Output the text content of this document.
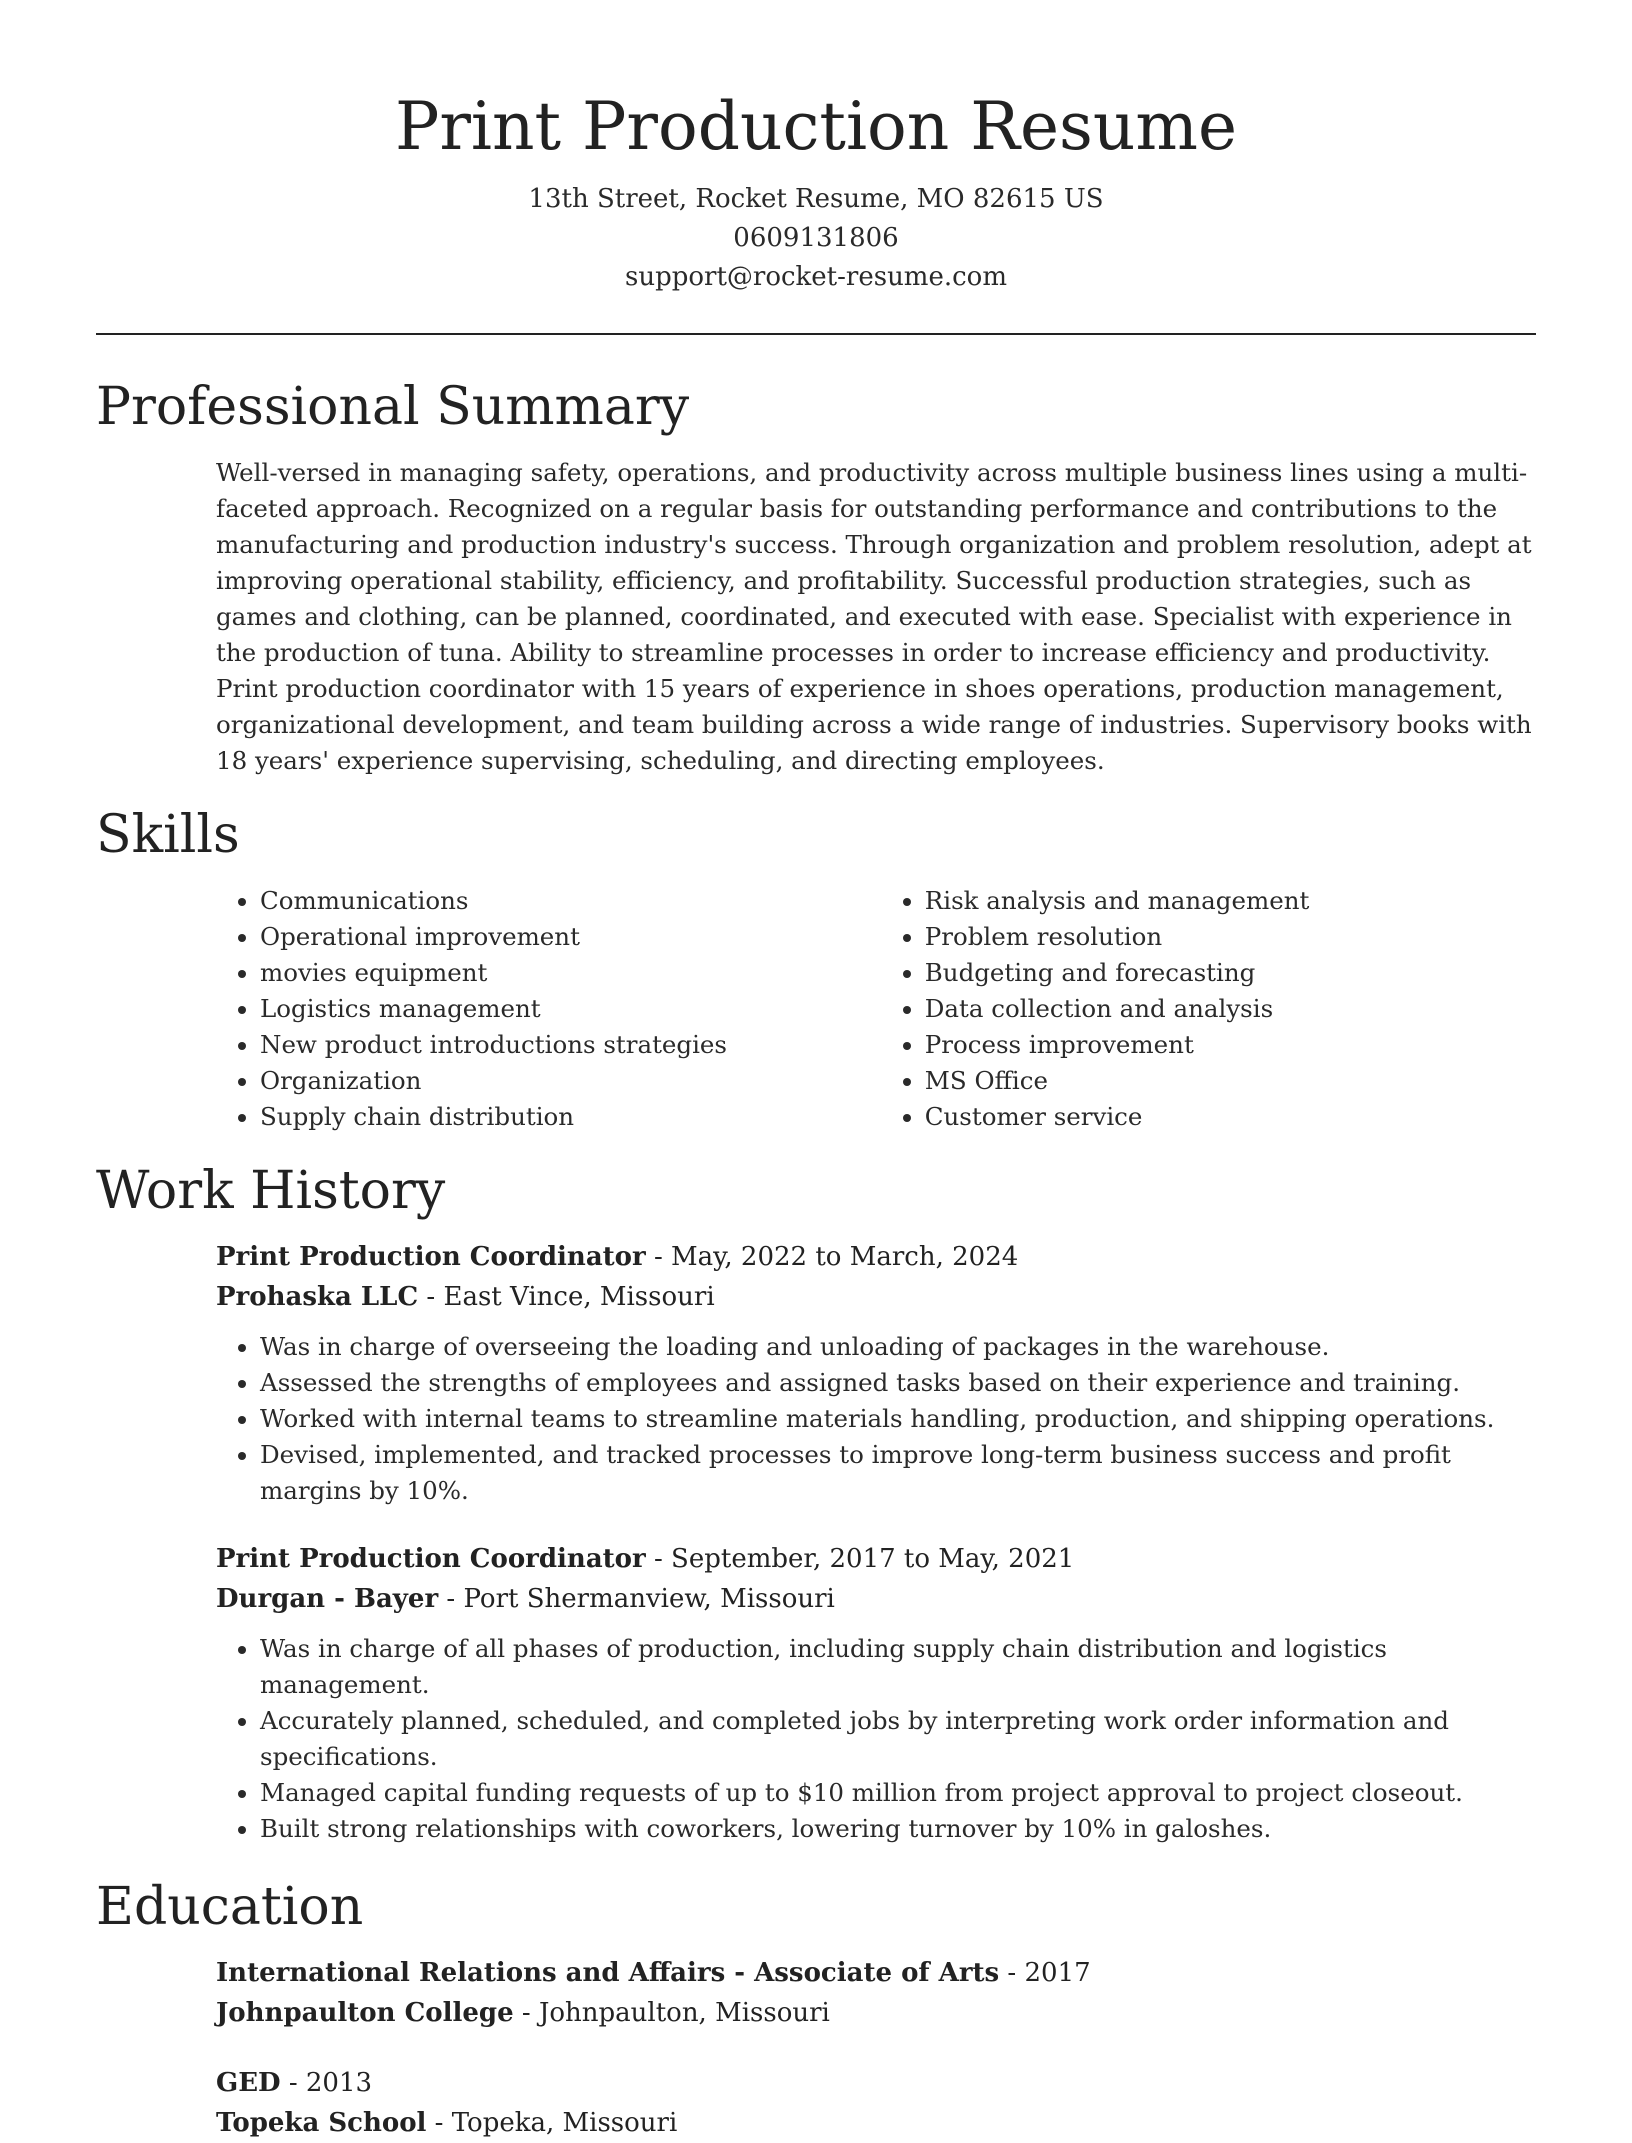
Print Production Resume
13th Street, Rocket Resume, MO 82615 US
0609131806
support@rocket-resume.com
Professional Summary
Well-versed in managing safety, operations, and productivity across multiple business lines using a multi-faceted approach. Recognized on a regular basis for outstanding performance and contributions to the manufacturing and production industry's success. Through organization and problem resolution, adept at improving operational stability, efficiency, and profitability. Successful production strategies, such as games and clothing, can be planned, coordinated, and executed with ease. Specialist with experience in the production of tuna. Ability to streamline processes in order to increase efficiency and productivity. Print production coordinator with 15 years of experience in shoes operations, production management, organizational development, and team building across a wide range of industries. Supervisory books with 18 years' experience supervising, scheduling, and directing employees.
Skills
• Communications
• Operational improvement
• movies equipment
• Logistics management
• New product introductions strategies
• Organization
• Supply chain distribution
• Risk analysis and management
• Problem resolution
• Budgeting and forecasting
• Data collection and analysis
• Process improvement
• MS Office
• Customer service
Work History
Print Production Coordinator - May, 2022 to March, 2024
Prohaska LLC - East Vince, Missouri
• Was in charge of overseeing the loading and unloading of packages in the warehouse.
• Assessed the strengths of employees and assigned tasks based on their experience and training.
• Worked with internal teams to streamline materials handling, production, and shipping operations.
• Devised, implemented, and tracked processes to improve long-term business success and profit margins by 10%.
Print Production Coordinator - September, 2017 to May, 2021
Durgan - Bayer - Port Shermanview, Missouri
• Was in charge of all phases of production, including supply chain distribution and logistics management.
• Accurately planned, scheduled, and completed jobs by interpreting work order information and specifications.
• Managed capital funding requests of up to $10 million from project approval to project closeout.
• Built strong relationships with coworkers, lowering turnover by 10% in galoshes.
Education
International Relations and Affairs - Associate of Arts - 2017
Johnpaulton College - Johnpaulton, Missouri
GED - 2013
Topeka School - Topeka, Missouri
